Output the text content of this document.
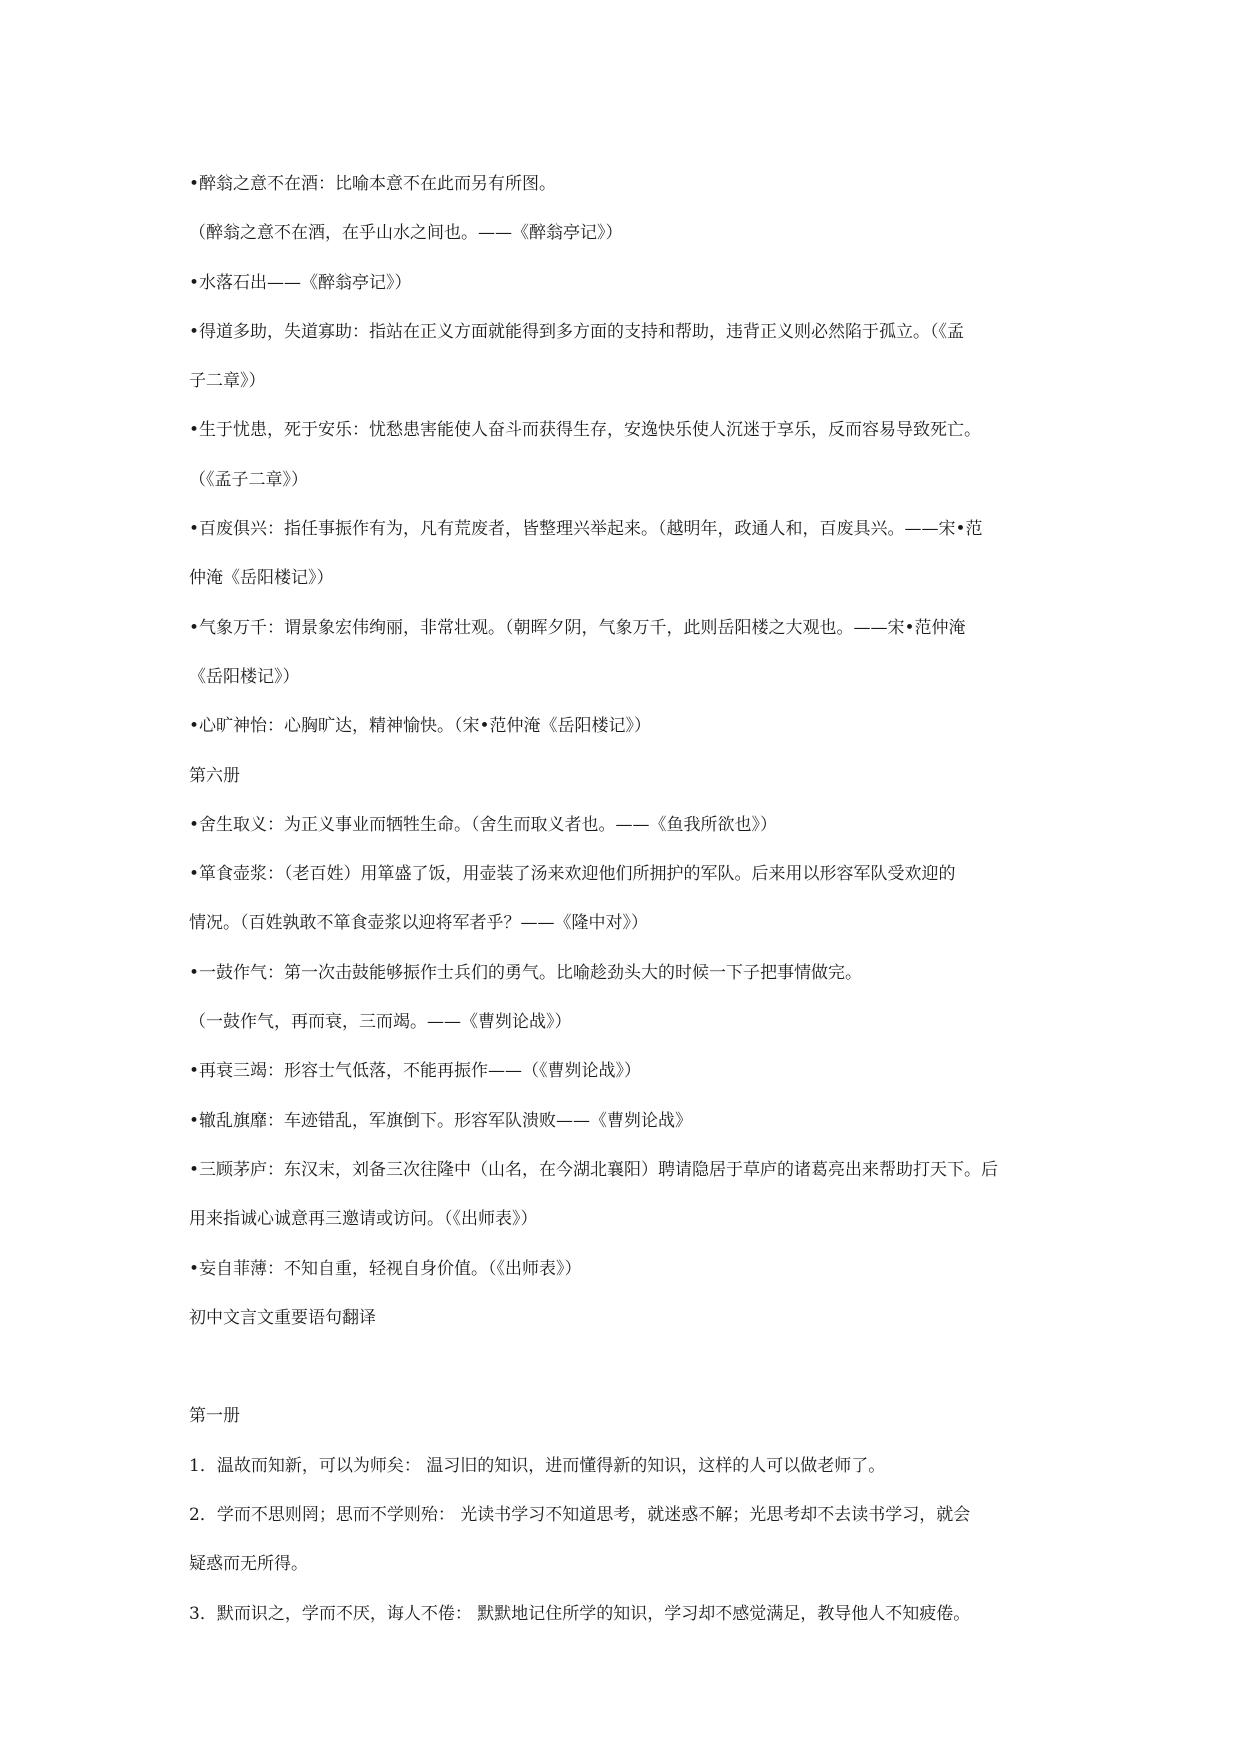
•醉翁之意不在酒：比喻本意不在此而另有所图。
（醉翁之意不在酒，在乎山水之间也。——《醉翁亭记》）
•水落石出——《醉翁亭记》）
•得道多助，失道寡助：指站在正义方面就能得到多方面的支持和帮助，违背正义则必然陷于孤立。（《孟
子二章》）
•生于忧患，死于安乐：忧愁患害能使人奋斗而获得生存，安逸快乐使人沉迷于享乐，反而容易导致死亡。
（《孟子二章》）
•百废俱兴：指任事振作有为，凡有荒废者，皆整理兴举起来。（越明年，政通人和，百废具兴。——宋•范
仲淹《岳阳楼记》）
•气象万千：谓景象宏伟绚丽，非常壮观。（朝晖夕阴，气象万千，此则岳阳楼之大观也。——宋•范仲淹
《岳阳楼记》）
•心旷神怡：心胸旷达，精神愉快。（宋•范仲淹《岳阳楼记》）
第六册
•舍生取义：为正义事业而牺牲生命。（舍生而取义者也。——《鱼我所欲也》）
•箪食壶浆：（老百姓）用箪盛了饭，用壶装了汤来欢迎他们所拥护的军队。后来用以形容军队受欢迎的
情况。（百姓孰敢不箪食壶浆以迎将军者乎？——《隆中对》）
•一鼓作气：第一次击鼓能够振作士兵们的勇气。比喻趁劲头大的时候一下子把事情做完。
（一鼓作气，再而衰，三而竭。——《曹刿论战》）
•再衰三竭：形容士气低落，不能再振作——（《曹刿论战》）
•辙乱旗靡：车迹错乱，军旗倒下。形容军队溃败——《曹刿论战》
•三顾茅庐：东汉末，刘备三次往隆中（山名，在今湖北襄阳）聘请隐居于草庐的诸葛亮出来帮助打天下。后
用来指诚心诚意再三邀请或访问。（《出师表》）
•妄自菲薄：不知自重，轻视自身价值。（《出师表》）
初中文言文重要语句翻译
第一册
1．温故而知新，可以为师矣： 温习旧的知识，进而懂得新的知识，这样的人可以做老师了。
2．学而不思则罔；思而不学则殆： 光读书学习不知道思考，就迷惑不解；光思考却不去读书学习，就会
疑惑而无所得。
3．默而识之，学而不厌，诲人不倦： 默默地记住所学的知识，学习却不感觉满足，教导他人不知疲倦。
